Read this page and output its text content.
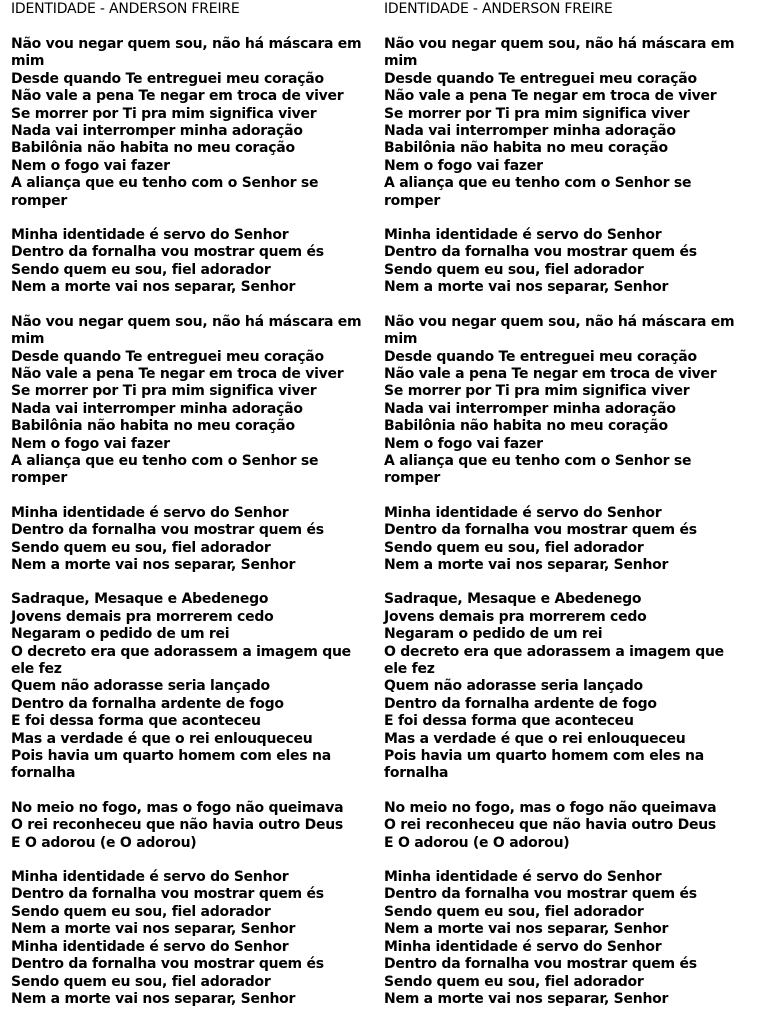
IDENTIDADE - ANDERSON FREIRE
Não vou negar quem sou, não há máscara em mim
Desde quando Te entreguei meu coração
Não vale a pena Te negar em troca de viver
Se morrer por Ti pra mim significa viver
Nada vai interromper minha adoração
Babilônia não habita no meu coração
Nem o fogo vai fazer
A aliança que eu tenho com o Senhor se romper
Minha identidade é servo do Senhor
Dentro da fornalha vou mostrar quem és
Sendo quem eu sou, fiel adorador
Nem a morte vai nos separar, Senhor
Não vou negar quem sou, não há máscara em mim
Desde quando Te entreguei meu coração
Não vale a pena Te negar em troca de viver
Se morrer por Ti pra mim significa viver
Nada vai interromper minha adoração
Babilônia não habita no meu coração
Nem o fogo vai fazer
A aliança que eu tenho com o Senhor se romper
Minha identidade é servo do Senhor
Dentro da fornalha vou mostrar quem és
Sendo quem eu sou, fiel adorador
Nem a morte vai nos separar, Senhor
Sadraque, Mesaque e Abedenego
Jovens demais pra morrerem cedo
Negaram o pedido de um rei
O decreto era que adorassem a imagem que ele fez
Quem não adorasse seria lançado
Dentro da fornalha ardente de fogo
E foi dessa forma que aconteceu
Mas a verdade é que o rei enlouqueceu
Pois havia um quarto homem com eles na fornalha
No meio no fogo, mas o fogo não queimava
O rei reconheceu que não havia outro Deus
E O adorou (e O adorou)
Minha identidade é servo do Senhor
Dentro da fornalha vou mostrar quem és
Sendo quem eu sou, fiel adorador
Nem a morte vai nos separar, Senhor
Minha identidade é servo do Senhor
Dentro da fornalha vou mostrar quem és
Sendo quem eu sou, fiel adorador
Nem a morte vai nos separar, Senhor
IDENTIDADE - ANDERSON FREIRE
Não vou negar quem sou, não há máscara em mim
Desde quando Te entreguei meu coração
Não vale a pena Te negar em troca de viver
Se morrer por Ti pra mim significa viver
Nada vai interromper minha adoração
Babilônia não habita no meu coração
Nem o fogo vai fazer
A aliança que eu tenho com o Senhor se romper
Minha identidade é servo do Senhor
Dentro da fornalha vou mostrar quem és
Sendo quem eu sou, fiel adorador
Nem a morte vai nos separar, Senhor
Não vou negar quem sou, não há máscara em mim
Desde quando Te entreguei meu coração
Não vale a pena Te negar em troca de viver
Se morrer por Ti pra mim significa viver
Nada vai interromper minha adoração
Babilônia não habita no meu coração
Nem o fogo vai fazer
A aliança que eu tenho com o Senhor se romper
Minha identidade é servo do Senhor
Dentro da fornalha vou mostrar quem és
Sendo quem eu sou, fiel adorador
Nem a morte vai nos separar, Senhor
Sadraque, Mesaque e Abedenego
Jovens demais pra morrerem cedo
Negaram o pedido de um rei
O decreto era que adorassem a imagem que ele fez
Quem não adorasse seria lançado
Dentro da fornalha ardente de fogo
E foi dessa forma que aconteceu
Mas a verdade é que o rei enlouqueceu
Pois havia um quarto homem com eles na fornalha
No meio no fogo, mas o fogo não queimava
O rei reconheceu que não havia outro Deus
E O adorou (e O adorou)
Minha identidade é servo do Senhor
Dentro da fornalha vou mostrar quem és
Sendo quem eu sou, fiel adorador
Nem a morte vai nos separar, Senhor
Minha identidade é servo do Senhor
Dentro da fornalha vou mostrar quem és
Sendo quem eu sou, fiel adorador
Nem a morte vai nos separar, Senhor
